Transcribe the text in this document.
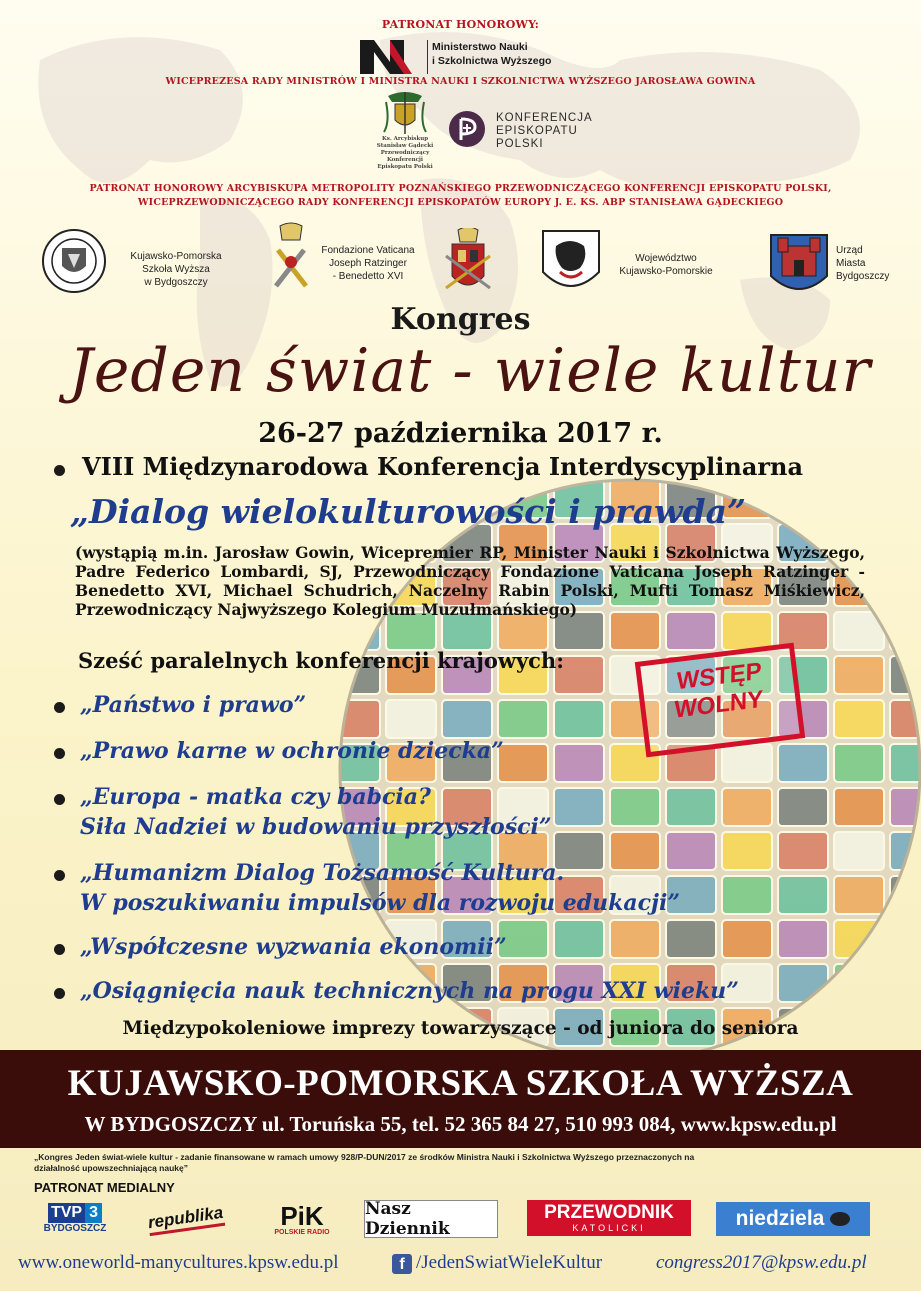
PATRONAT HONOROWY:
Ministerstwo Nauki
i Szkolnictwa Wyższego
WICEPREZESA RADY MINISTRÓW I MINISTRA NAUKI I SZKOLNICTWA WYŻSZEGO JAROSŁAWA GOWINA
Ks. Arcybiskup
Stanisław Gądecki
Przewodniczący
Konferencji
Episkopatu Polski
KONFERENCJA
EPISKOPATU
POLSKI
PATRONAT HONOROWY ARCYBISKUPA METROPOLITY POZNAŃSKIEGO PRZEWODNICZĄCEGO KONFERENCJI EPISKOPATU POLSKI,
WICEPRZEWODNICZĄCEGO RADY KONFERENCJI EPISKOPATÓW EUROPY J. E. KS. ABP STANISŁAWA GĄDECKIEGO
Kujawsko-Pomorska
Szkoła Wyższa
w Bydgoszczy
Fondazione Vaticana
Joseph Ratzinger
- Benedetto XVI
Województwo
Kujawsko-Pomorskie
Urząd
Miasta
Bydgoszczy
Kongres
Jeden świat - wiele kultur
26-27 października 2017 r.
VIII Międzynarodowa Konferencja Interdyscyplinarna
„Dialog wielokulturowości i prawda”
(wystąpią m.in. Jarosław Gowin, Wicepremier RP, Minister Nauki i Szkolnictwa Wyższego, Padre Federico Lombardi, SJ, Przewodniczący Fondazione Vaticana Joseph Ratzinger - Benedetto XVI, Michael Schudrich, Naczelny Rabin Polski, Mufti Tomasz Miśkiewicz, Przewodniczący Najwyższego Kolegium Muzułmańskiego)
Sześć paralelnych konferencji krajowych:	WSTĘP
WOLNY
„Państwo i prawo”
„Prawo karne w ochronie dziecka”
„Europa - matka czy babcia?
Siła Nadziei w budowaniu przyszłości”
„Humanizm Dialog Tożsamość Kultura.
W poszukiwaniu impulsów dla rozwoju edukacji”
„Współczesne wyzwania ekonomii”
„Osiągnięcia nauk technicznych na progu XXI wieku”
Międzypokoleniowe imprezy towarzyszące - od juniora do seniora
KUJAWSKO-POMORSKA SZKOŁA WYŻSZA
W BYDGOSZCZY ul. Toruńska 55, tel. 52 365 84 27, 510 993 084, www.kpsw.edu.pl
„Kongres Jeden świat-wiele kultur - zadanie finansowane w ramach umowy 928/P-DUN/2017 ze środków Ministra Nauki i Szkolnictwa Wyższego przeznaczonych na
działalność upowszechniającą naukę”
PATRONAT MEDIALNY
TVP 3
BYDGOSZCZ republika PiK
POLSKIE RADIO
Nasz Dziennik
PRZEWODNIK
KATOLICKI	niedziela
www.oneworld-manycultures.kpsw.edu.pl	f /JedenSwiatWieleKultur	congress2017@kpsw.edu.pl
